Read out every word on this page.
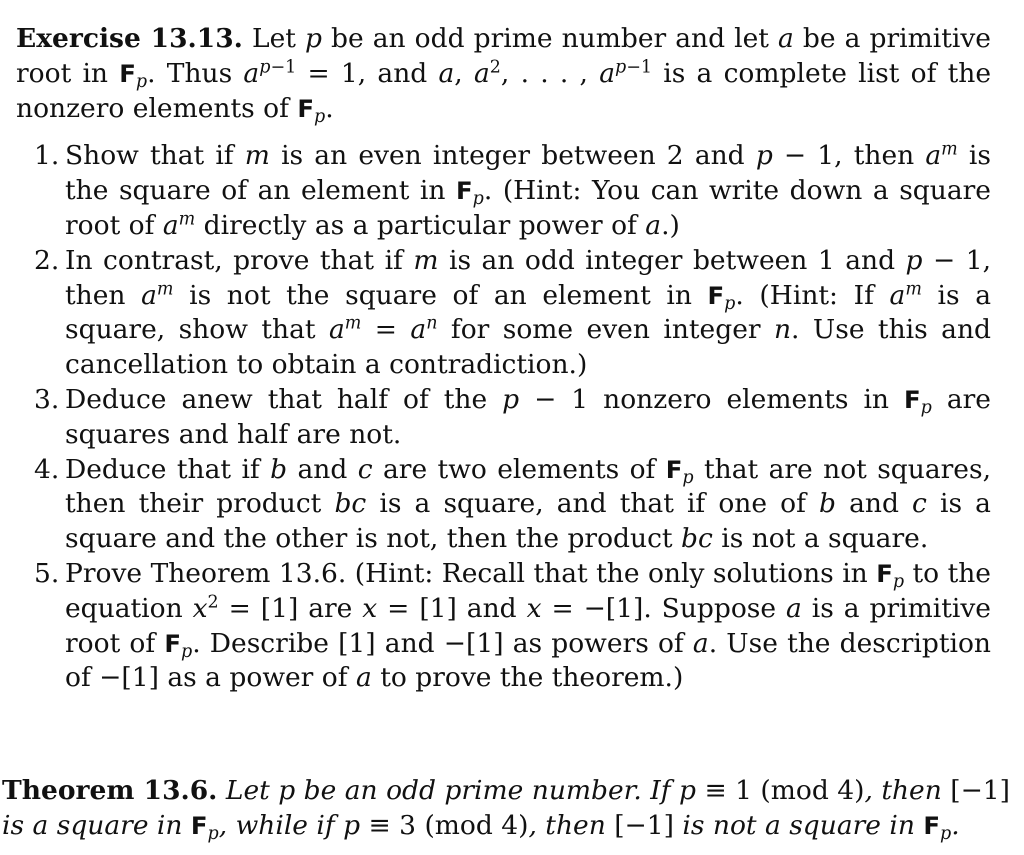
Exercise 13.13. Let p be an odd prime number and let a be a primitive root in $F_p$. Thus $a^{p-1} = 1$, and a, $a^2$, . . . , $a^{p-1}$ is a complete list of the nonzero elements of $F_p$.

1. Show that if m is an even integer between 2 and p − 1, then $a^m$ is the square of an element in $F_p$. (Hint: You can write down a square root of $a^m$ directly as a particular power of a.)
2. In contrast, prove that if m is an odd integer between 1 and p − 1, then $a^m$ is not the square of an element in $F_p$. (Hint: If $a^m$ is a square, show that $a^m = a^n$ for some even integer n. Use this and cancellation to obtain a contradiction.)
3. Deduce anew that half of the p − 1 nonzero elements in $F_p$ are squares and half are not.
4. Deduce that if b and c are two elements of $F_p$ that are not squares, then their product bc is a square, and that if one of b and c is a square and the other is not, then the product bc is not a square.
5. Prove Theorem 13.6. (Hint: Recall that the only solutions in $F_p$ to the equation $x^2 = [1]$ are x = [1] and x = −[1]. Suppose a is a primitive root of $F_p$. Describe [1] and −[1] as powers of a. Use the description of −[1] as a power of a to prove the theorem.)
Theorem 13.6. Let p be an odd prime number. If p ≡ 1 (mod 4), then [−1] is a square in $F_p$, while if p ≡ 3 (mod 4), then [−1] is not a square in $F_p$.
